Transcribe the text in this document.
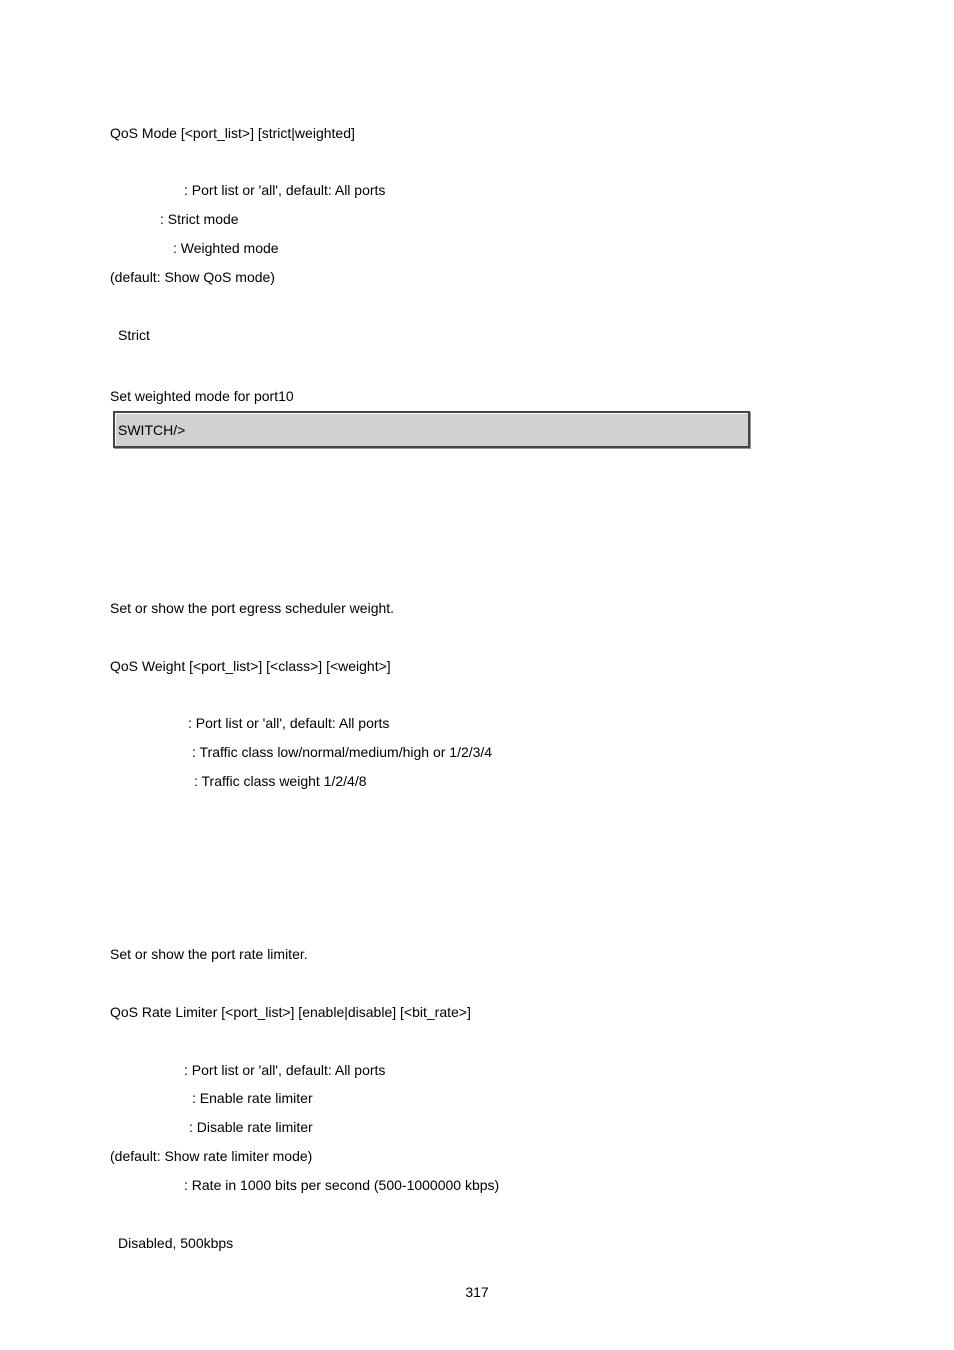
QoS Mode [<port_list>] [strict|weighted]
: Port list or 'all', default: All ports
: Strict mode
: Weighted mode
(default: Show QoS mode)
Strict
Set weighted mode for port10
SWITCH/>
Set or show the port egress scheduler weight.
QoS Weight [<port_list>] [<class>] [<weight>]
: Port list or 'all', default: All ports
: Traffic class low/normal/medium/high or 1/2/3/4
: Traffic class weight 1/2/4/8
Set or show the port rate limiter.
QoS Rate Limiter [<port_list>] [enable|disable] [<bit_rate>]
: Port list or 'all', default: All ports
: Enable rate limiter
: Disable rate limiter
(default: Show rate limiter mode)
: Rate in 1000 bits per second (500-1000000 kbps)
Disabled, 500kbps
317
